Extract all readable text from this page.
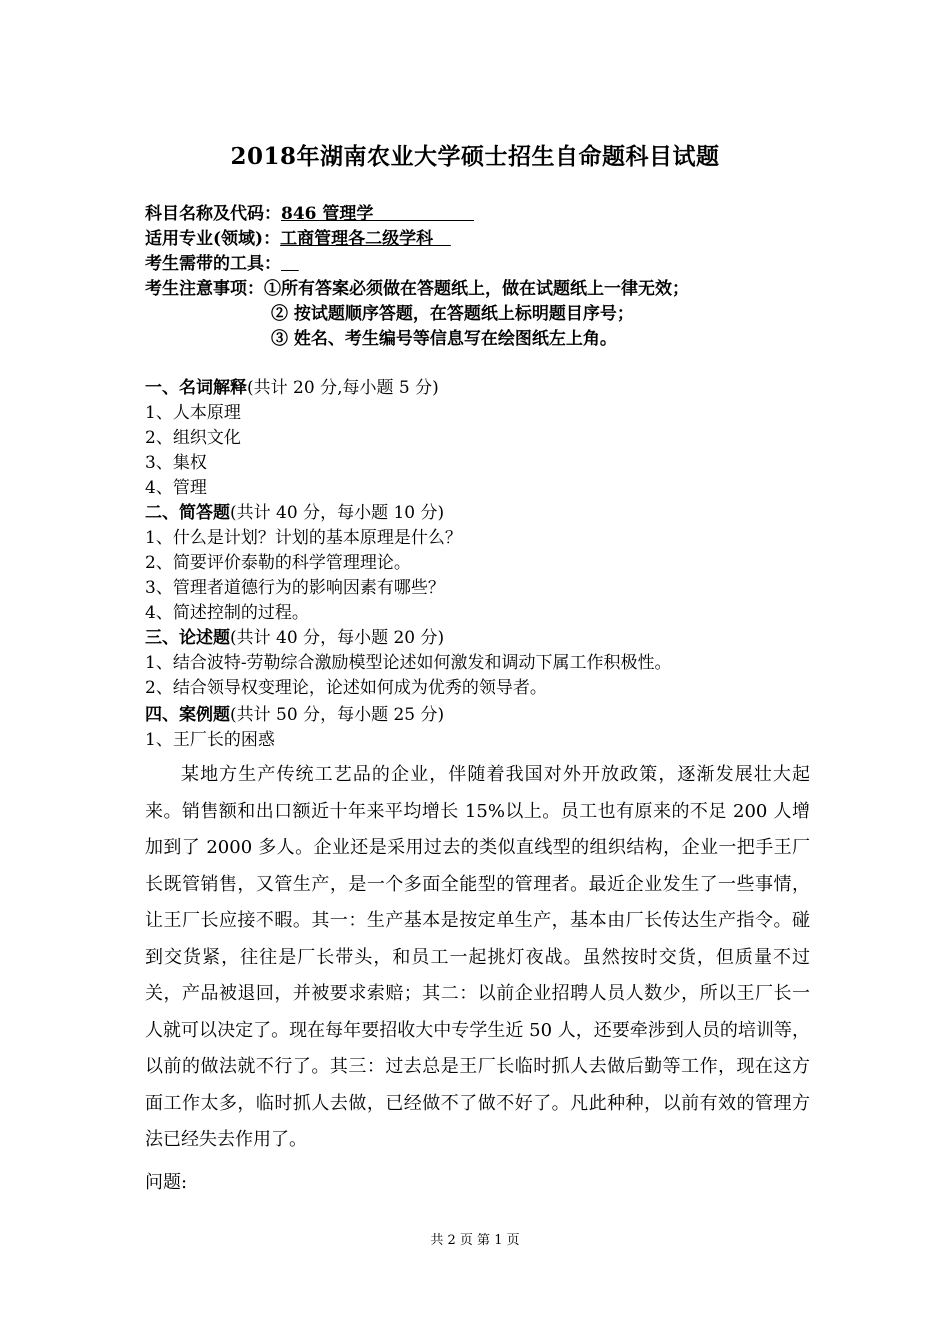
2018年湖南农业大学硕士招生自命题科目试题
科目名称及代码：846 管理学
适用专业(领域)：工商管理各二级学科
考生需带的工具：
考生注意事项：①所有答案必须做在答题纸上，做在试题纸上一律无效；
② 按试题顺序答题，在答题纸上标明题目序号；
③ 姓名、考生编号等信息写在绘图纸左上角。
一、名词解释(共计 20 分,每小题 5 分)
1、人本原理
2、组织文化
3、集权
4、管理
二、简答题(共计 40 分，每小题 10 分)
1、什么是计划？计划的基本原理是什么？
2、简要评价泰勒的科学管理理论。
3、管理者道德行为的影响因素有哪些？
4、简述控制的过程。
三、论述题(共计 40 分，每小题 20 分)
1、结合波特-劳勒综合激励模型论述如何激发和调动下属工作积极性。
2、结合领导权变理论，论述如何成为优秀的领导者。
四、案例题(共计 50 分，每小题 25 分)
1、王厂长的困惑
某地方生产传统工艺品的企业，伴随着我国对外开放政策，逐渐发展壮大起来。销售额和出口额近十年来平均增长 15%以上。员工也有原来的不足 200 人增加到了 2000 多人。企业还是采用过去的类似直线型的组织结构，企业一把手王厂长既管销售，又管生产，是一个多面全能型的管理者。最近企业发生了一些事情，让王厂长应接不暇。其一：生产基本是按定单生产，基本由厂长传达生产指令。碰到交货紧，往往是厂长带头，和员工一起挑灯夜战。虽然按时交货，但质量不过关，产品被退回，并被要求索赔；其二：以前企业招聘人员人数少，所以王厂长一人就可以决定了。现在每年要招收大中专学生近 50 人，还要牵涉到人员的培训等，以前的做法就不行了。其三：过去总是王厂长临时抓人去做后勤等工作，现在这方面工作太多，临时抓人去做，已经做不了做不好了。凡此种种，以前有效的管理方法已经失去作用了。
问题:
共 2 页 第 1 页
